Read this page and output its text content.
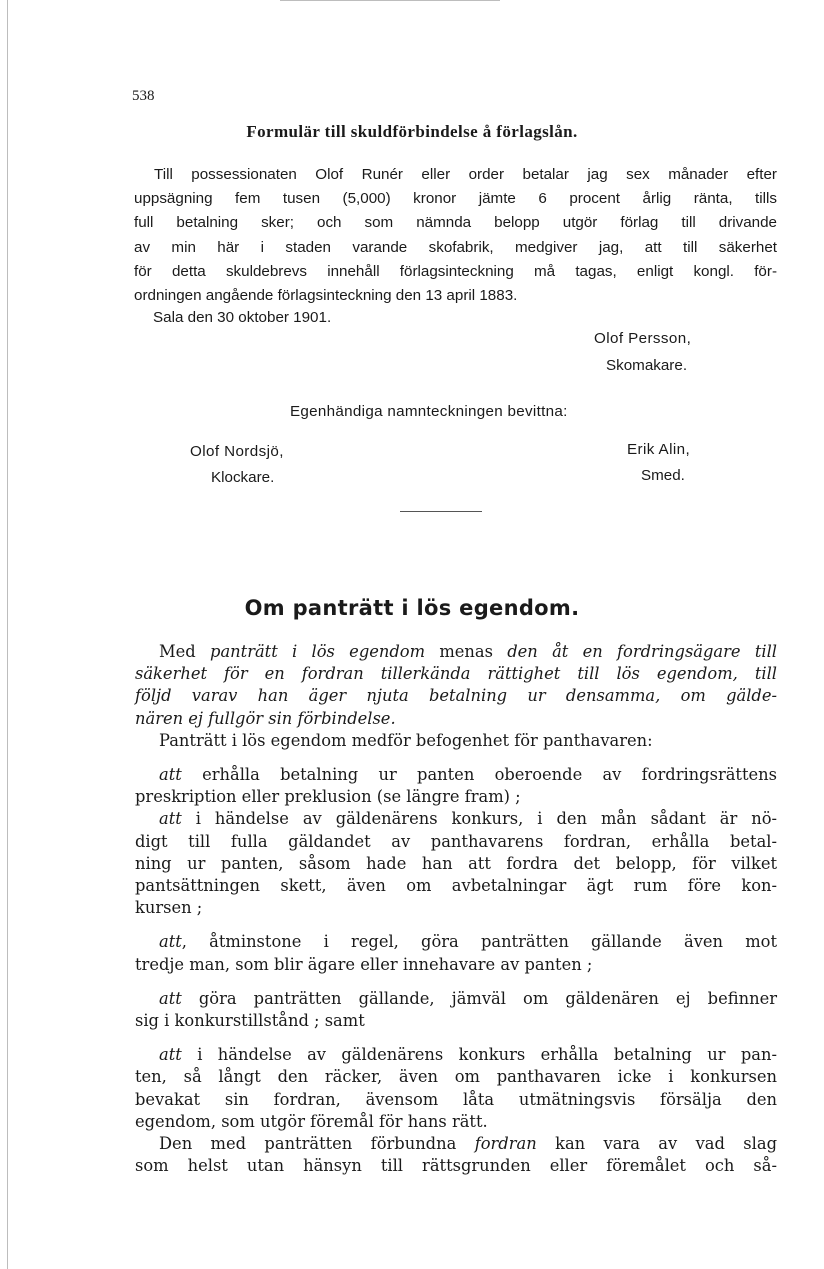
538
Formulär till skuldförbindelse å förlagslån.
Till possessionaten Olof Runér eller order betalar jag sex månader efter
uppsägning fem tusen (5,000) kronor jämte 6 procent årlig ränta, tills
full betalning sker; och som nämnda belopp utgör förlag till drivande
av min här i staden varande skofabrik, medgiver jag, att till säkerhet
för detta skuldebrevs innehåll förlagsinteckning må tagas, enligt kongl. för-
ordningen angående förlagsinteckning den 13 april 1883.
Sala den 30 oktober 1901.
Olof Persson,
Skomakare.
Egenhändiga namnteckningen bevittna:
Olof Nordsjö,
Klockare.
Erik Alin,
Smed.
Om panträtt i lös egendom.

Med panträtt i lös egendom menas den åt en fordringsägare till

säkerhet för en fordran tillerkända rättighet till lös egendom, till

följd varav han äger njuta betalning ur densamma, om gälde-

nären ej fullgör sin förbindelse.

Panträtt i lös egendom medför befogenhet för panthavaren:

att erhålla betalning ur panten oberoende av fordringsrättens

preskription eller preklusion (se längre fram) ;

att i händelse av gäldenärens konkurs, i den mån sådant är nö-

digt till fulla gäldandet av panthavarens fordran, erhålla betal-

ning ur panten, såsom hade han att fordra det belopp, för vilket

pantsättningen skett, även om avbetalningar ägt rum före kon-

kursen ;

att, åtminstone i regel, göra panträtten gällande även mot

tredje man, som blir ägare eller innehavare av panten ;

att göra panträtten gällande, jämväl om gäldenären ej befinner

sig i konkurstillstånd ; samt

att i händelse av gäldenärens konkurs erhålla betalning ur pan-

ten, så långt den räcker, även om panthavaren icke i konkursen

bevakat sin fordran, ävensom låta utmätningsvis försälja den

egendom, som utgör föremål för hans rätt.

Den med panträtten förbundna fordran kan vara av vad slag

som helst utan hänsyn till rättsgrunden eller föremålet och så-
